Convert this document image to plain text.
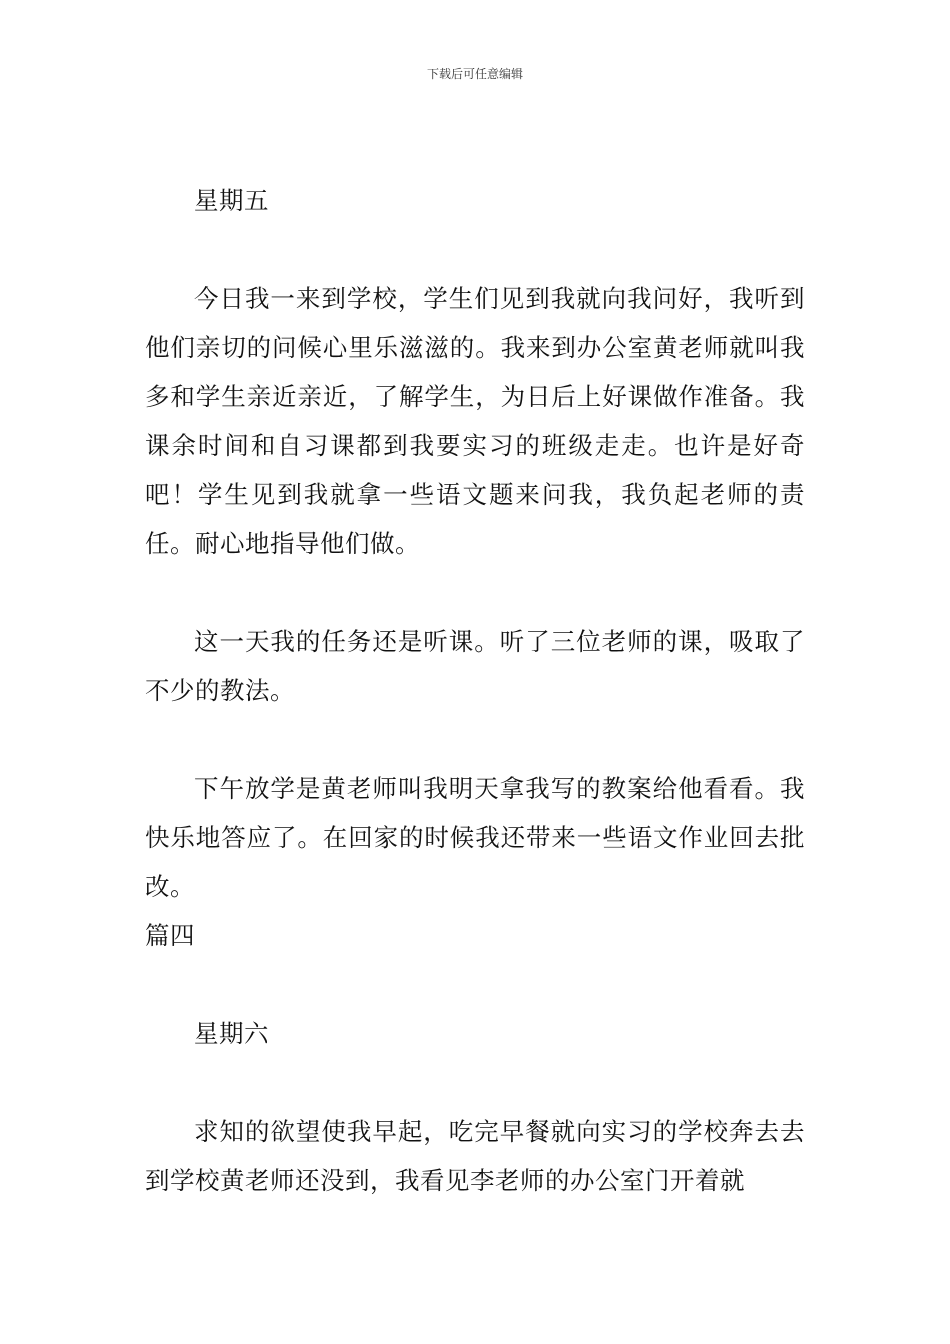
下载后可任意编辑

星期五

今日我一来到学校，学生们见到我就向我问好，我听到他们亲切的问候心里乐滋滋的。我来到办公室黄老师就叫我多和学生亲近亲近，了解学生，为日后上好课做作准备。我课余时间和自习课都到我要实习的班级走走。也许是好奇吧！学生见到我就拿一些语文题来问我，我负起老师的责任。耐心地指导他们做。

这一天我的任务还是听课。听了三位老师的课，吸取了不少的教法。

下午放学是黄老师叫我明天拿我写的教案给他看看。我快乐地答应了。在回家的时候我还带来一些语文作业回去批改。

篇四

星期六

求知的欲望使我早起，吃完早餐就向实习的学校奔去去到学校黄老师还没到，我看见李老师的办公室门开着就
